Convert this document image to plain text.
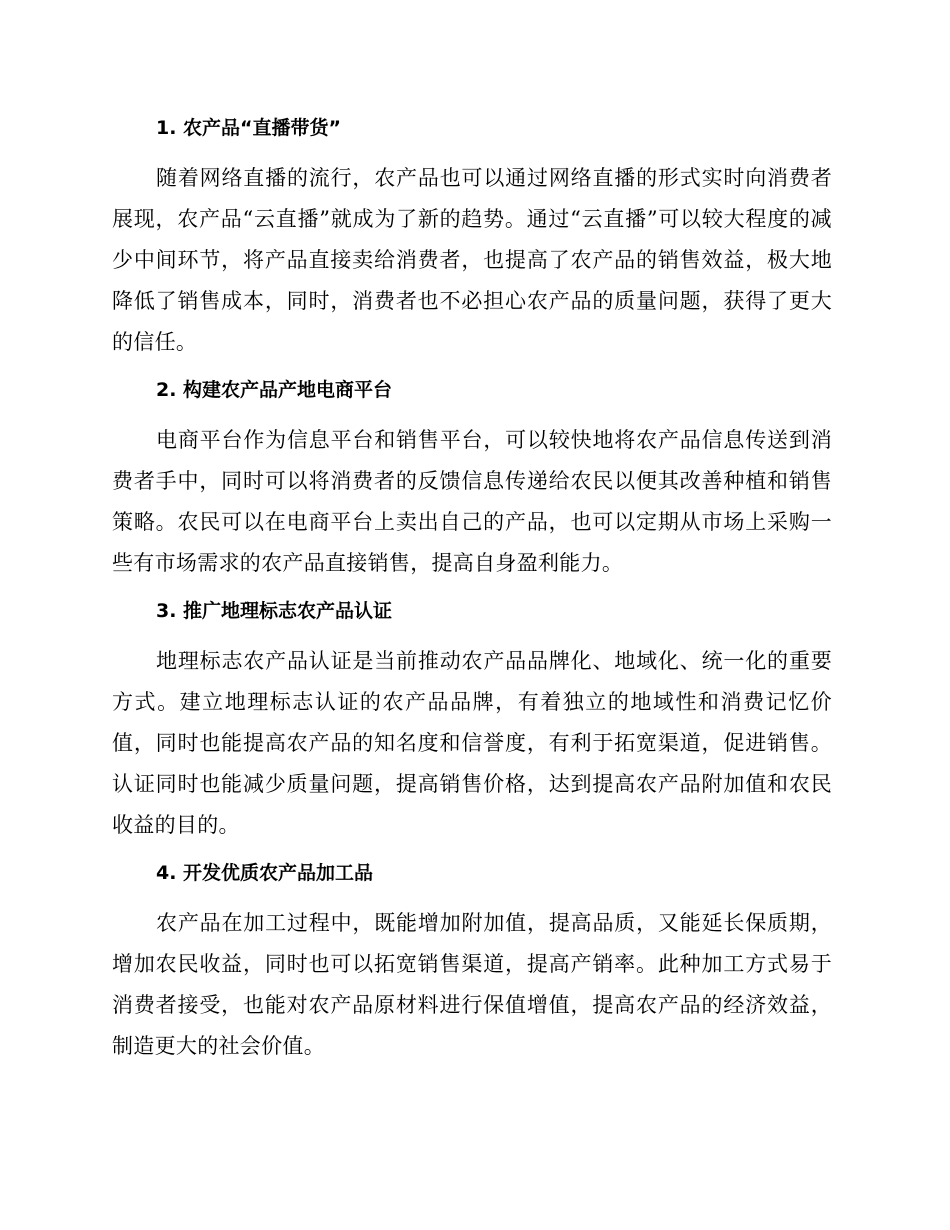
1. 农产品“直播带货”

随着网络直播的流行，农产品也可以通过网络直播的形式实时向消费者展现，农产品“云直播”就成为了新的趋势。通过“云直播”可以较大程度的减少中间环节，将产品直接卖给消费者，也提高了农产品的销售效益，极大地降低了销售成本，同时，消费者也不必担心农产品的质量问题，获得了更大的信任。

2. 构建农产品产地电商平台

电商平台作为信息平台和销售平台，可以较快地将农产品信息传送到消费者手中，同时可以将消费者的反馈信息传递给农民以便其改善种植和销售策略。农民可以在电商平台上卖出自己的产品，也可以定期从市场上采购一些有市场需求的农产品直接销售，提高自身盈利能力。

3. 推广地理标志农产品认证

地理标志农产品认证是当前推动农产品品牌化、地域化、统一化的重要方式。建立地理标志认证的农产品品牌，有着独立的地域性和消费记忆价值，同时也能提高农产品的知名度和信誉度，有利于拓宽渠道，促进销售。认证同时也能减少质量问题，提高销售价格，达到提高农产品附加值和农民收益的目的。

4. 开发优质农产品加工品

农产品在加工过程中，既能增加附加值，提高品质，又能延长保质期，增加农民收益，同时也可以拓宽销售渠道，提高产销率。此种加工方式易于消费者接受，也能对农产品原材料进行保值增值，提高农产品的经济效益，制造更大的社会价值。
